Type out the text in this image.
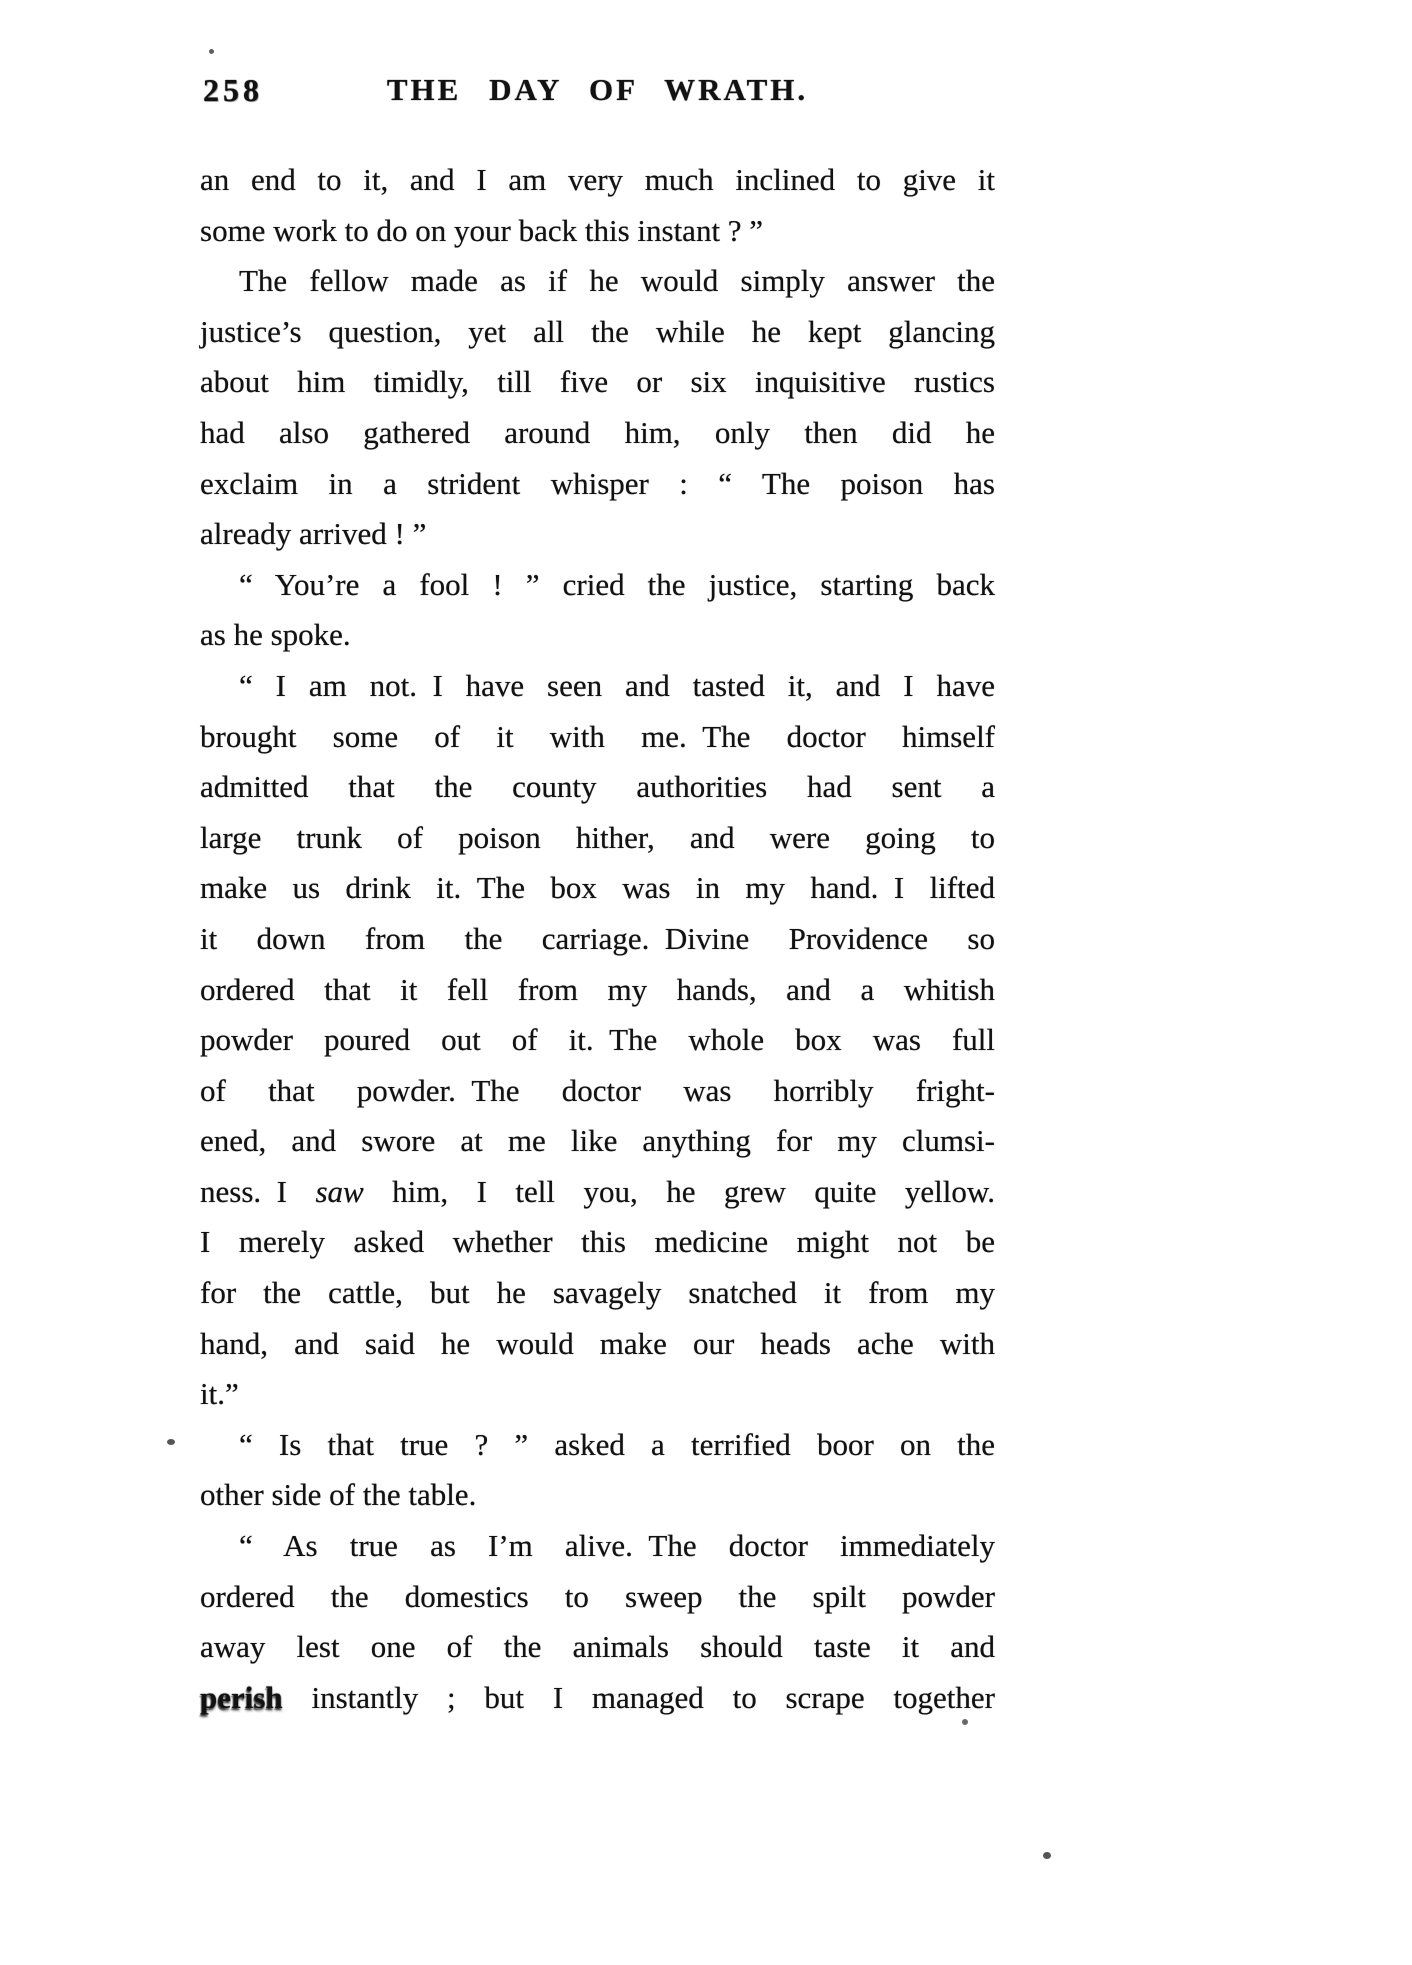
258	THE DAY OF WRATH.
an end to it, and I am very much inclined to give it
some work to do on your back this instant ? ”
The fellow made as if he would simply answer the
justice’s question, yet all the while he kept glancing
about him timidly, till five or six inquisitive rustics
had also gathered around him, only then did he
exclaim in a strident whisper : “ The poison has
already arrived ! ”
“ You’re a fool ! ” cried the justice, starting back
as he spoke.
“ I am not. I have seen and tasted it, and I have
brought some of it with me. The doctor himself
admitted that the county authorities had sent a
large trunk of poison hither, and were going to
make us drink it. The box was in my hand. I lifted
it down from the carriage. Divine Providence so
ordered that it fell from my hands, and a whitish
powder poured out of it. The whole box was full
of that powder. The doctor was horribly fright-
ened, and swore at me like anything for my clumsi-
ness. I saw him, I tell you, he grew quite yellow.
I merely asked whether this medicine might not be
for the cattle, but he savagely snatched it from my
hand, and said he would make our heads ache with
it.”
“ Is that true ? ” asked a terrified boor on the
other side of the table.
“ As true as I’m alive. The doctor immediately
ordered the domestics to sweep the spilt powder
away lest one of the animals should taste it and
perish instantly ; but I managed to scrape together
